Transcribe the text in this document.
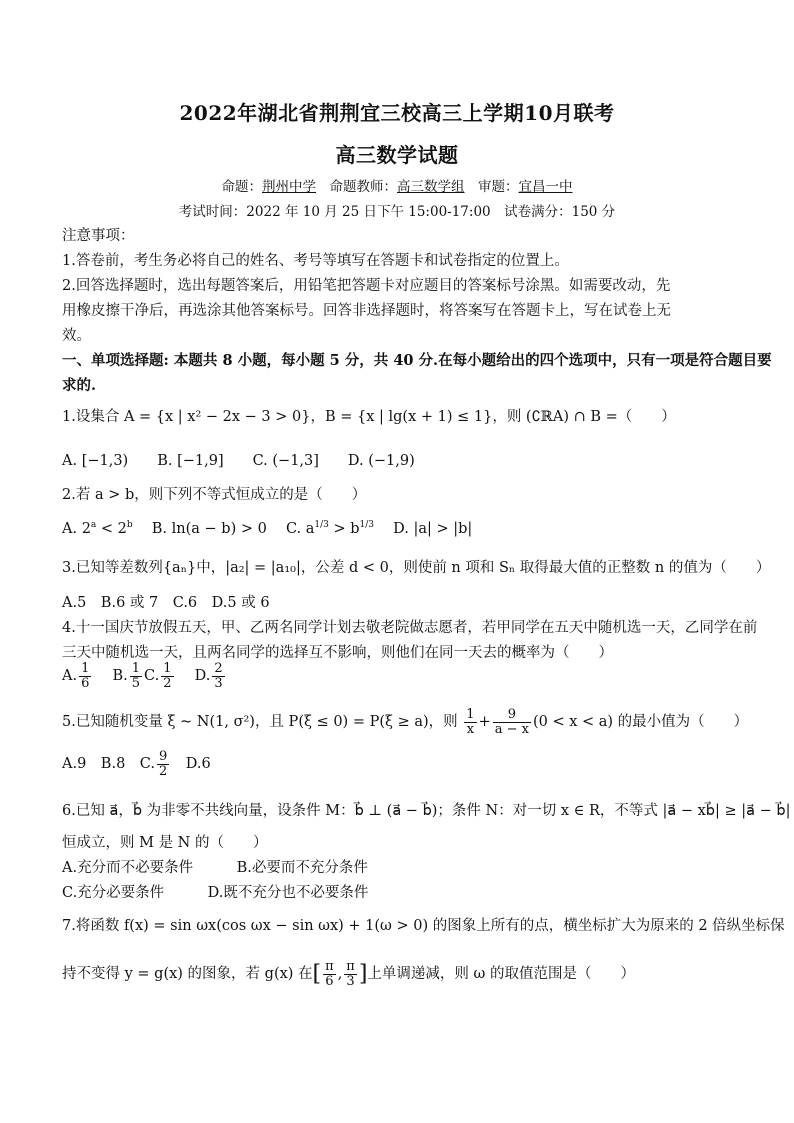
2022年湖北省荆荆宜三校高三上学期10月联考
高三数学试题
命题：荆州中学　 命题教师：高三数学组　 审题：宜昌一中
考试时间：2022 年 10 月 25 日下午 15:00-17:00　试卷满分：150 分
注意事项：
1.答卷前，考生务必将自己的姓名、考号等填写在答题卡和试卷指定的位置上。
2.回答选择题时，选出每题答案后，用铅笔把答题卡对应题目的答案标号涂黑。如需要改动，先
用橡皮擦干净后，再选涂其他答案标号。回答非选择题时，将答案写在答题卡上，写在试卷上无
效。
一、单项选择题: 本题共 8 小题，每小题 5 分，共 40 分.在每小题给出的四个选项中，只有一项是符合题目要
求的.
1.设集合 A = {x | x² − 2x − 3 > 0}，B = {x | lg(x + 1) ≤ 1}，则 (∁ℝA) ∩ B =（　　）
A. [−1,3)　　B. [−1,9]　　C. (−1,3]　　D. (−1,9)
2.若 a > b，则下列不等式恒成立的是（　　）
A. $2^a < 2^b$ 　 B. ln(a − b) > 0 　 C. $a^{1/3} > b^{1/3}$ 　 D. |a| > |b|
3.已知等差数列{aₙ}中，|a₂| = |a₁₀|，公差 d < 0，则使前 n 项和 Sₙ 取得最大值的正整数 n 的值为（　　）
A.5　B.6 或 7　C.6　D.5 或 6
4.十一国庆节放假五天，甲、乙两名同学计划去敬老院做志愿者，若甲同学在五天中随机选一天，乙同学在前
三天中随机选一天，且两名同学的选择互不影响，则他们在同一天去的概率为（　　）
A. $\frac{1}{6}$
　 B. $\frac{1}{5} C$. $\frac{1}{2}$
　 D. $\frac{2}{3}$
5.已知随机变量 ξ ~ N(1, σ²)，且 P(ξ ≤ 0) = P(ξ ≥ a)，则 $\frac{1}{x} + \frac{9}{a - x} (0 < x < a)$ 的最小值为（　　）
A.9　B.8　C. $\frac{9}{2}$ 　D.6
6.已知 a⃗，b⃗ 为非零不共线向量，设条件 M：b⃗ ⊥ (a⃗ − b⃗)；条件 N：对一切 x ∈ R，不等式 |a⃗ − xb⃗| ≥ |a⃗ − b⃗|
恒成立，则 M 是 N 的（　　）
A.充分而不必要条件　　　B.必要而不充分条件
C.充分必要条件　　　D.既不充分也不必要条件
7.将函数 f(x) = sin ωx(cos ωx − sin ωx) + 1(ω > 0) 的图象上所有的点，横坐标扩大为原来的 2 倍纵坐标保
持不变得 y = g(x) 的图象，若 g(x) 在[ $\frac{\pi}{6}$ , $\frac{\pi}{3}$ ]上单调递减，则 ω 的取值范围是（　　）
